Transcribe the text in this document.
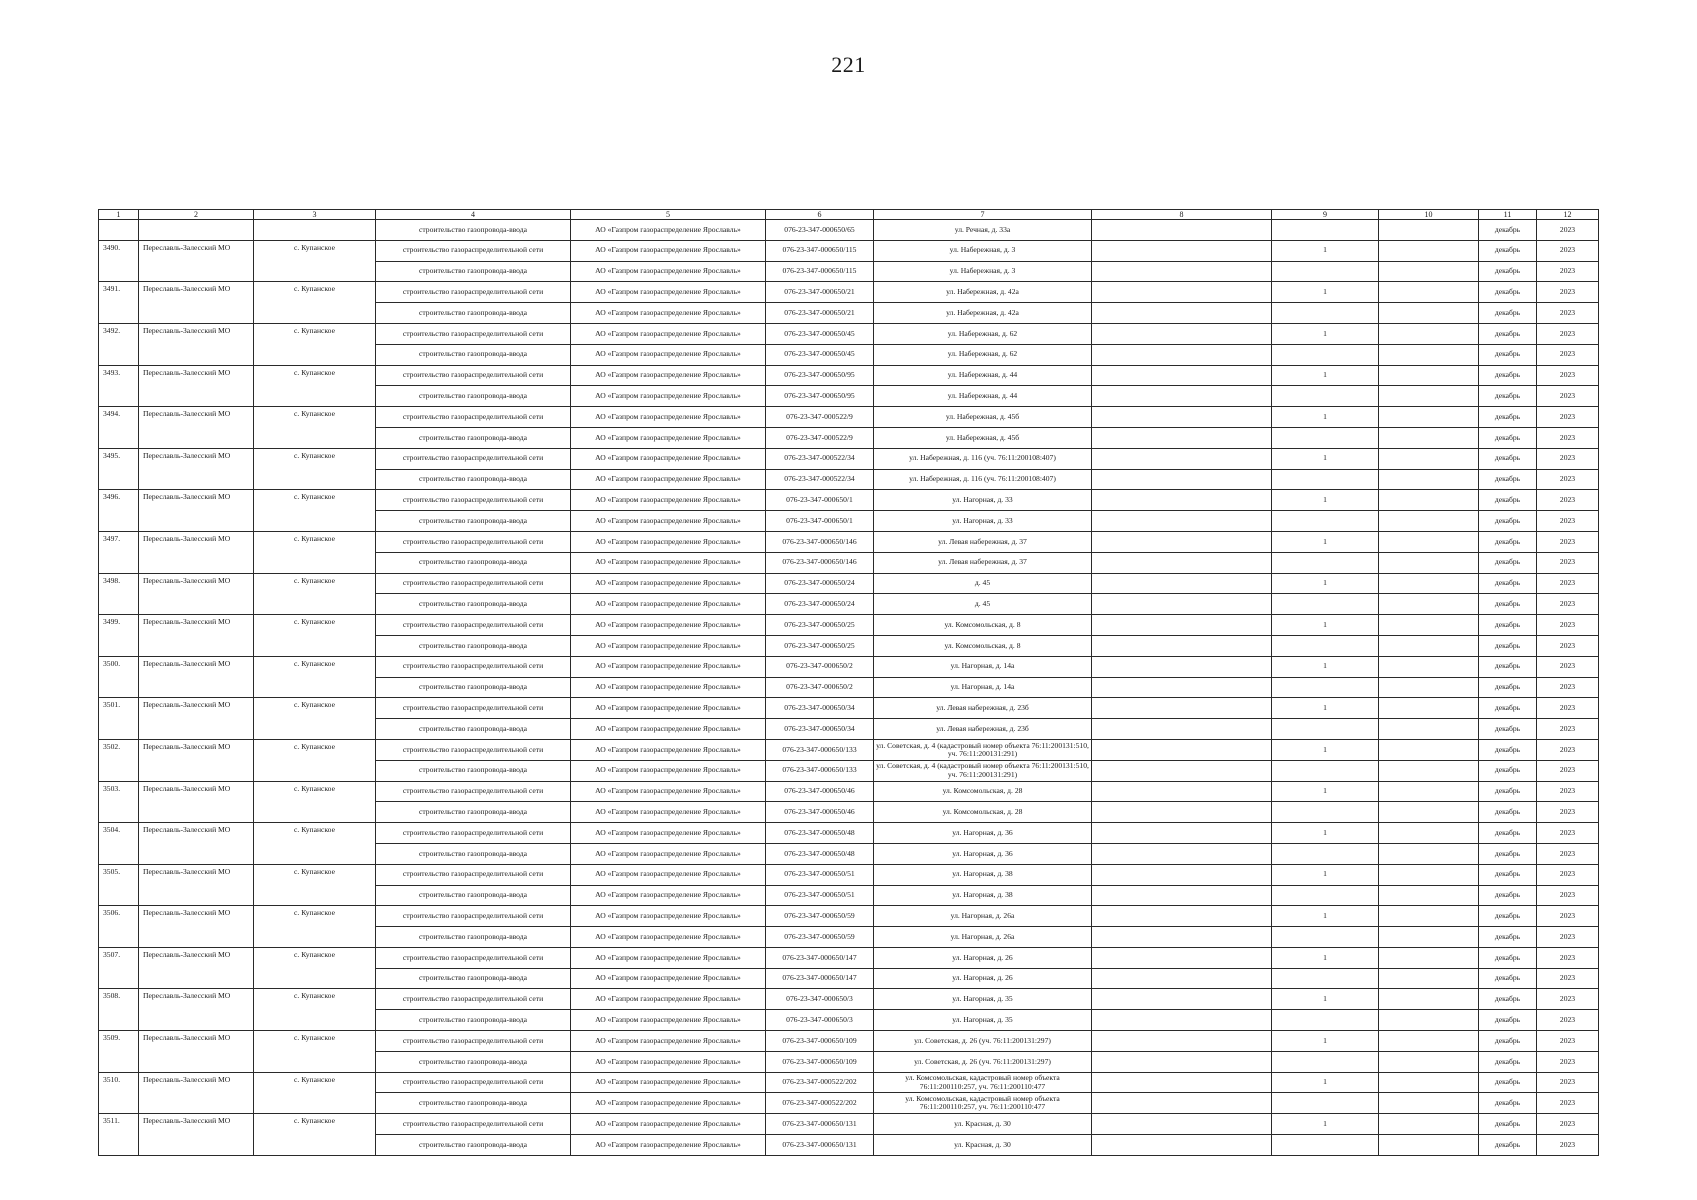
221
1	2	3	4	5	6	7	8	9	10	11	12
			строительство газопровода-ввода	АО «Газпром газораспределение Ярославль»	076-23-347-000650/65	ул. Речная, д. 33а				декабрь	2023
3490.	Переславль-Залесский МО	с. Купанское	строительство газораспределительной сети	АО «Газпром газораспределение Ярославль»	076-23-347-000650/115	ул. Набережная, д. 3		1		декабрь	2023
			строительство газопровода-ввода	АО «Газпром газораспределение Ярославль»	076-23-347-000650/115	ул. Набережная, д. 3				декабрь	2023
3491.	Переславль-Залесский МО	с. Купанское	строительство газораспределительной сети	АО «Газпром газораспределение Ярославль»	076-23-347-000650/21	ул. Набережная, д. 42а		1		декабрь	2023
			строительство газопровода-ввода	АО «Газпром газораспределение Ярославль»	076-23-347-000650/21	ул. Набережная, д. 42а				декабрь	2023
3492.	Переславль-Залесский МО	с. Купанское	строительство газораспределительной сети	АО «Газпром газораспределение Ярославль»	076-23-347-000650/45	ул. Набережная, д. 62		1		декабрь	2023
			строительство газопровода-ввода	АО «Газпром газораспределение Ярославль»	076-23-347-000650/45	ул. Набережная, д. 62				декабрь	2023
3493.	Переславль-Залесский МО	с. Купанское	строительство газораспределительной сети	АО «Газпром газораспределение Ярославль»	076-23-347-000650/95	ул. Набережная, д. 44		1		декабрь	2023
			строительство газопровода-ввода	АО «Газпром газораспределение Ярославль»	076-23-347-000650/95	ул. Набережная, д. 44				декабрь	2023
3494.	Переславль-Залесский МО	с. Купанское	строительство газораспределительной сети	АО «Газпром газораспределение Ярославль»	076-23-347-000522/9	ул. Набережная, д. 45б		1		декабрь	2023
			строительство газопровода-ввода	АО «Газпром газораспределение Ярославль»	076-23-347-000522/9	ул. Набережная, д. 45б				декабрь	2023
3495.	Переславль-Залесский МО	с. Купанское	строительство газораспределительной сети	АО «Газпром газораспределение Ярославль»	076-23-347-000522/34	ул. Набережная, д. 116 (уч. 76:11:200108:407)		1		декабрь	2023
			строительство газопровода-ввода	АО «Газпром газораспределение Ярославль»	076-23-347-000522/34	ул. Набережная, д. 116 (уч. 76:11:200108:407)				декабрь	2023
3496.	Переславль-Залесский МО	с. Купанское	строительство газораспределительной сети	АО «Газпром газораспределение Ярославль»	076-23-347-000650/1	ул. Нагорная, д. 33		1		декабрь	2023
			строительство газопровода-ввода	АО «Газпром газораспределение Ярославль»	076-23-347-000650/1	ул. Нагорная, д. 33				декабрь	2023
3497.	Переславль-Залесский МО	с. Купанское	строительство газораспределительной сети	АО «Газпром газораспределение Ярославль»	076-23-347-000650/146	ул. Левая набережная, д. 37		1		декабрь	2023
			строительство газопровода-ввода	АО «Газпром газораспределение Ярославль»	076-23-347-000650/146	ул. Левая набережная, д. 37				декабрь	2023
3498.	Переславль-Залесский МО	с. Купанское	строительство газораспределительной сети	АО «Газпром газораспределение Ярославль»	076-23-347-000650/24	д. 45		1		декабрь	2023
			строительство газопровода-ввода	АО «Газпром газораспределение Ярославль»	076-23-347-000650/24	д. 45				декабрь	2023
3499.	Переславль-Залесский МО	с. Купанское	строительство газораспределительной сети	АО «Газпром газораспределение Ярославль»	076-23-347-000650/25	ул. Комсомольская, д. 8		1		декабрь	2023
			строительство газопровода-ввода	АО «Газпром газораспределение Ярославль»	076-23-347-000650/25	ул. Комсомольская, д. 8				декабрь	2023
3500.	Переславль-Залесский МО	с. Купанское	строительство газораспределительной сети	АО «Газпром газораспределение Ярославль»	076-23-347-000650/2	ул. Нагорная, д. 14а		1		декабрь	2023
			строительство газопровода-ввода	АО «Газпром газораспределение Ярославль»	076-23-347-000650/2	ул. Нагорная, д. 14а				декабрь	2023
3501.	Переславль-Залесский МО	с. Купанское	строительство газораспределительной сети	АО «Газпром газораспределение Ярославль»	076-23-347-000650/34	ул. Левая набережная, д. 23б		1		декабрь	2023
			строительство газопровода-ввода	АО «Газпром газораспределение Ярославль»	076-23-347-000650/34	ул. Левая набережная, д. 23б				декабрь	2023
3502.	Переславль-Залесский МО	с. Купанское	строительство газораспределительной сети	АО «Газпром газораспределение Ярославль»	076-23-347-000650/133	ул. Советская, д. 4 (кадастровый номер объекта 76:11:200131:510, уч. 76:11:200131:291)		1		декабрь	2023
			строительство газопровода-ввода	АО «Газпром газораспределение Ярославль»	076-23-347-000650/133	ул. Советская, д. 4 (кадастровый номер объекта 76:11:200131:510, уч. 76:11:200131:291)				декабрь	2023
3503.	Переславль-Залесский МО	с. Купанское	строительство газораспределительной сети	АО «Газпром газораспределение Ярославль»	076-23-347-000650/46	ул. Комсомольская, д. 28		1		декабрь	2023
			строительство газопровода-ввода	АО «Газпром газораспределение Ярославль»	076-23-347-000650/46	ул. Комсомольская, д. 28				декабрь	2023
3504.	Переславль-Залесский МО	с. Купанское	строительство газораспределительной сети	АО «Газпром газораспределение Ярославль»	076-23-347-000650/48	ул. Нагорная, д. 36		1		декабрь	2023
			строительство газопровода-ввода	АО «Газпром газораспределение Ярославль»	076-23-347-000650/48	ул. Нагорная, д. 36				декабрь	2023
3505.	Переславль-Залесский МО	с. Купанское	строительство газораспределительной сети	АО «Газпром газораспределение Ярославль»	076-23-347-000650/51	ул. Нагорная, д. 38		1		декабрь	2023
			строительство газопровода-ввода	АО «Газпром газораспределение Ярославль»	076-23-347-000650/51	ул. Нагорная, д. 38				декабрь	2023
3506.	Переславль-Залесский МО	с. Купанское	строительство газораспределительной сети	АО «Газпром газораспределение Ярославль»	076-23-347-000650/59	ул. Нагорная, д. 26а		1		декабрь	2023
			строительство газопровода-ввода	АО «Газпром газораспределение Ярославль»	076-23-347-000650/59	ул. Нагорная, д. 26а				декабрь	2023
3507.	Переславль-Залесский МО	с. Купанское	строительство газораспределительной сети	АО «Газпром газораспределение Ярославль»	076-23-347-000650/147	ул. Нагорная, д. 26		1		декабрь	2023
			строительство газопровода-ввода	АО «Газпром газораспределение Ярославль»	076-23-347-000650/147	ул. Нагорная, д. 26				декабрь	2023
3508.	Переславль-Залесский МО	с. Купанское	строительство газораспределительной сети	АО «Газпром газораспределение Ярославль»	076-23-347-000650/3	ул. Нагорная, д. 35		1		декабрь	2023
			строительство газопровода-ввода	АО «Газпром газораспределение Ярославль»	076-23-347-000650/3	ул. Нагорная, д. 35				декабрь	2023
3509.	Переславль-Залесский МО	с. Купанское	строительство газораспределительной сети	АО «Газпром газораспределение Ярославль»	076-23-347-000650/109	ул. Советская, д. 26 (уч. 76:11:200131:297)		1		декабрь	2023
			строительство газопровода-ввода	АО «Газпром газораспределение Ярославль»	076-23-347-000650/109	ул. Советская, д. 26 (уч. 76:11:200131:297)				декабрь	2023
3510.	Переславль-Залесский МО	с. Купанское	строительство газораспределительной сети	АО «Газпром газораспределение Ярославль»	076-23-347-000522/202	ул. Комсомольская, кадастровый номер объекта 76:11:200110:257, уч. 76:11:200110:477		1		декабрь	2023
			строительство газопровода-ввода	АО «Газпром газораспределение Ярославль»	076-23-347-000522/202	ул. Комсомольская, кадастровый номер объекта 76:11:200110:257, уч. 76:11:200110:477				декабрь	2023
3511.	Переславль-Залесский МО	с. Купанское	строительство газораспределительной сети	АО «Газпром газораспределение Ярославль»	076-23-347-000650/131	ул. Красная, д. 30		1		декабрь	2023
			строительство газопровода-ввода	АО «Газпром газораспределение Ярославль»	076-23-347-000650/131	ул. Красная, д. 30				декабрь	2023
